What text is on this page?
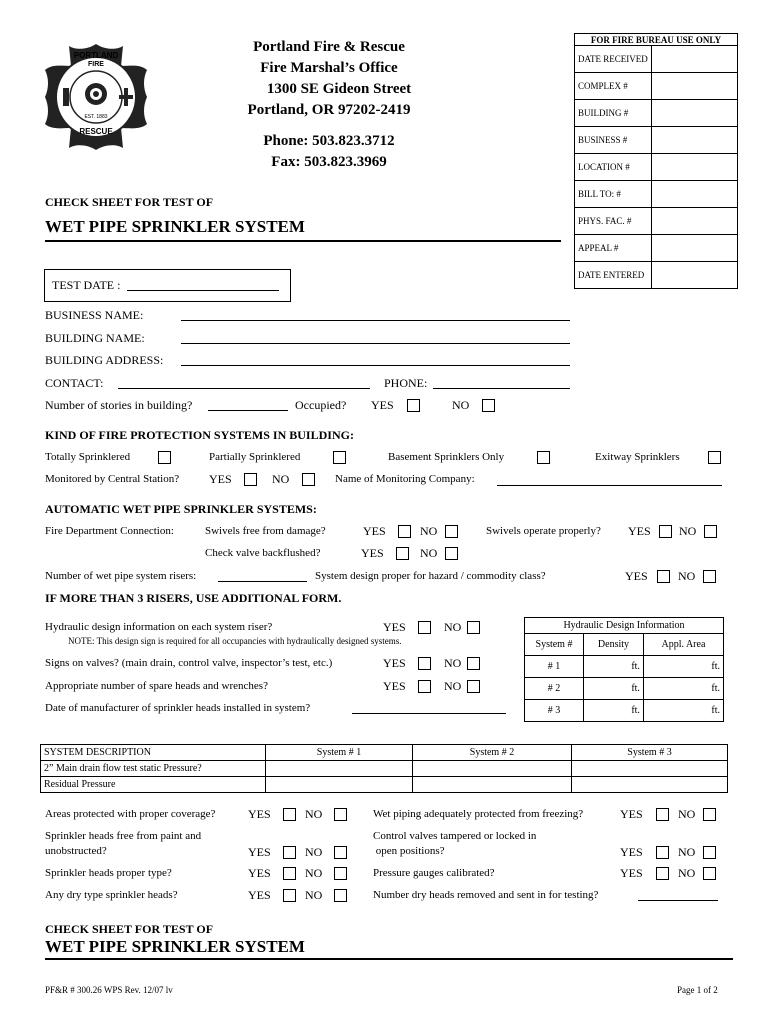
PORTLAND
FIRE
EST. 1883
RESCUE
Portland Fire & Rescue
Fire Marshal’s Office
1300 SE Gideon Street
Portland, OR 97202-2419
Phone: 503.823.3712
Fax: 503.823.3969
FOR FIRE BUREAU USE ONLY	
DATE RECEIVED	
COMPLEX #	
BUILDING #	
BUSINESS #	
LOCATION #	
BILL TO: #	
PHYS. FAC. #	
APPEAL #	
DATE ENTERED	
CHECK SHEET FOR TEST OF
WET PIPE SPRINKLER SYSTEM
TEST DATE :
BUSINESS NAME:
BUILDING NAME:
BUILDING ADDRESS:
CONTACT:	PHONE:
Number of stories in building?	Occupied? YES	NO
KIND OF FIRE PROTECTION SYSTEMS IN BUILDING:
Totally Sprinklered	Partially Sprinklered	Basement Sprinklers Only	Exitway Sprinklers
Monitored by Central Station? YES	NO	Name of Monitoring Company:
AUTOMATIC WET PIPE SPRINKLER SYSTEMS:
Fire Department Connection:	Swivels free from damage?	YES	NO	Swivels operate properly? YES NO
Check valve backflushed?	YES	NO
Number of wet pipe system risers:	System design proper for hazard / commodity class?	YES	NO
IF MORE THAN 3 RISERS, USE ADDITIONAL FORM.
Hydraulic design information on each system riser?	YES	NO
NOTE: This design sign is required for all occupancies with hydraulically designed systems.
Signs on valves? (main drain, control valve, inspector’s test, etc.)	YES	NO
Appropriate number of spare heads and wrenches?	YES	NO
Date of manufacturer of sprinkler heads installed in system?
Hydraulic Design Information		
System #	Density	Appl. Area
# 1	ft.	ft.
# 2	ft.	ft.
# 3	ft.	ft.
SYSTEM DESCRIPTION	System # 1	System # 2	System # 3
2” Main drain flow test static Pressure?			
Residual Pressure			
Areas protected with proper coverage?	YES	NO
Sprinkler heads free from paint and
unobstructed?	YES	NO
Sprinkler heads proper type?	YES	NO
Any dry type sprinkler heads?	YES	NO
Wet piping adequately protected from freezing?	YES	NO
Control valves tampered or locked in
open positions?	YES	NO
Pressure gauges calibrated?	YES	NO
Number dry heads removed and sent in for testing?
CHECK SHEET FOR TEST OF
WET PIPE SPRINKLER SYSTEM
PF&R # 300.26 WPS Rev. 12/07 lv	Page 1 of 2
